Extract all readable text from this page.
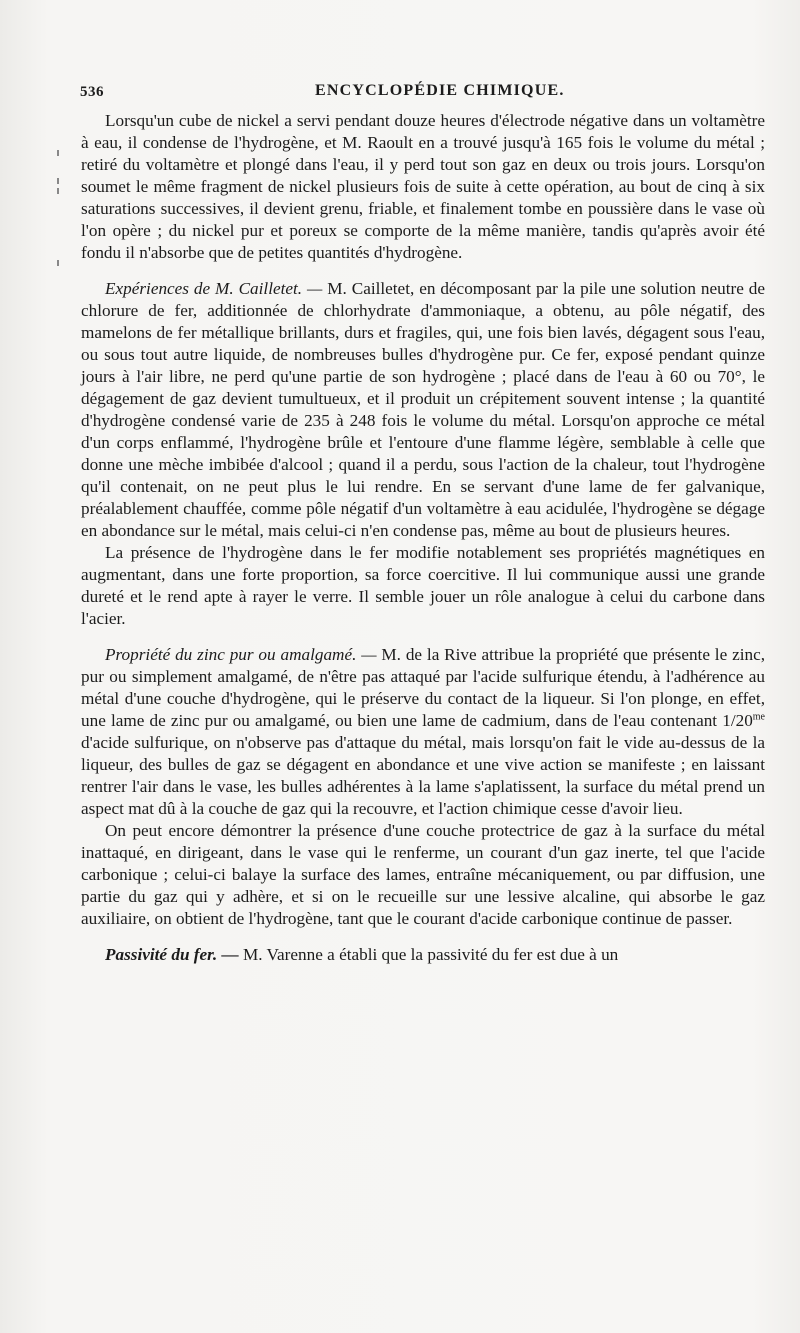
536	ENCYCLOPÉDIE CHIMIQUE.

Lorsqu'un cube de nickel a servi pendant douze heures d'électrode négative dans un voltamètre à eau, il condense de l'hydrogène, et M. Raoult en a trouvé jusqu'à 165 fois le volume du métal ; retiré du voltamètre et plongé dans l'eau, il y perd tout son gaz en deux ou trois jours. Lorsqu'on soumet le même fragment de nickel plusieurs fois de suite à cette opération, au bout de cinq à six saturations successives, il devient grenu, friable, et finalement tombe en poussière dans le vase où l'on opère ; du nickel pur et poreux se comporte de la même manière, tandis qu'après avoir été fondu il n'absorbe que de petites quantités d'hydrogène.

Expériences de M. Cailletet. — M. Cailletet, en décomposant par la pile une solution neutre de chlorure de fer, additionnée de chlorhydrate d'ammoniaque, a obtenu, au pôle négatif, des mamelons de fer métallique brillants, durs et fragiles, qui, une fois bien lavés, dégagent sous l'eau, ou sous tout autre liquide, de nombreuses bulles d'hydrogène pur. Ce fer, exposé pendant quinze jours à l'air libre, ne perd qu'une partie de son hydrogène ; placé dans de l'eau à 60 ou 70°, le dégagement de gaz devient tumultueux, et il produit un crépitement souvent intense ; la quantité d'hydrogène condensé varie de 235 à 248 fois le volume du métal. Lorsqu'on approche ce métal d'un corps enflammé, l'hydrogène brûle et l'entoure d'une flamme légère, semblable à celle que donne une mèche imbibée d'alcool ; quand il a perdu, sous l'action de la chaleur, tout l'hydrogène qu'il contenait, on ne peut plus le lui rendre. En se servant d'une lame de fer galvanique, préalablement chauffée, comme pôle négatif d'un voltamètre à eau acidulée, l'hydrogène se dégage en abondance sur le métal, mais celui-ci n'en condense pas, même au bout de plusieurs heures.

La présence de l'hydrogène dans le fer modifie notablement ses propriétés magnétiques en augmentant, dans une forte proportion, sa force coercitive. Il lui communique aussi une grande dureté et le rend apte à rayer le verre. Il semble jouer un rôle analogue à celui du carbone dans l'acier.

Propriété du zinc pur ou amalgamé. — M. de la Rive attribue la propriété que présente le zinc, pur ou simplement amalgamé, de n'être pas attaqué par l'acide sulfurique étendu, à l'adhérence au métal d'une couche d'hydrogène, qui le préserve du contact de la liqueur. Si l'on plonge, en effet, une lame de zinc pur ou amalgamé, ou bien une lame de cadmium, dans de l'eau contenant $1/20^{me}$ d'acide sulfurique, on n'observe pas d'attaque du métal, mais lorsqu'on fait le vide au-dessus de la liqueur, des bulles de gaz se dégagent en abondance et une vive action se manifeste ; en laissant rentrer l'air dans le vase, les bulles adhérentes à la lame s'aplatissent, la surface du métal prend un aspect mat dû à la couche de gaz qui la recouvre, et l'action chimique cesse d'avoir lieu.

On peut encore démontrer la présence d'une couche protectrice de gaz à la surface du métal inattaqué, en dirigeant, dans le vase qui le renferme, un courant d'un gaz inerte, tel que l'acide carbonique ; celui-ci balaye la surface des lames, entraîne mécaniquement, ou par diffusion, une partie du gaz qui y adhère, et si on le recueille sur une lessive alcaline, qui absorbe le gaz auxiliaire, on obtient de l'hydrogène, tant que le courant d'acide carbonique continue de passer.

Passivité du fer. — M. Varenne a établi que la passivité du fer est due à un
